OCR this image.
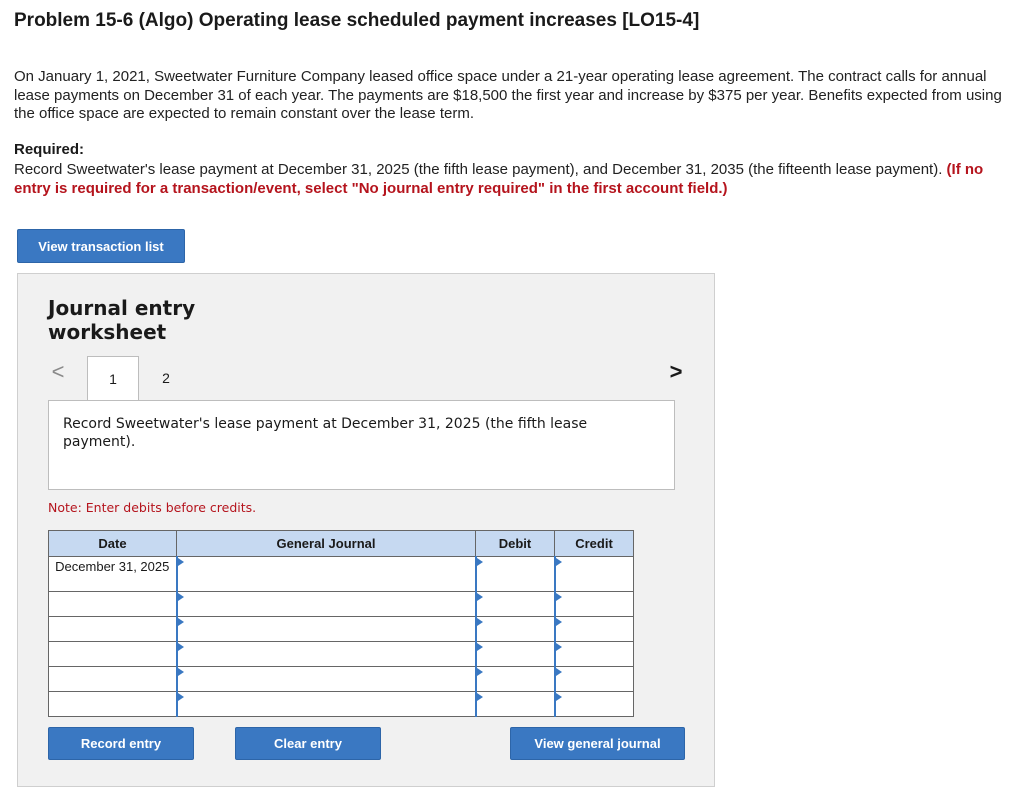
Problem 15-6 (Algo) Operating lease scheduled payment increases [LO15-4]
On January 1, 2021, Sweetwater Furniture Company leased office space under a 21-year operating lease agreement. The contract calls for annual lease payments on December 31 of each year. The payments are $18,500 the first year and increase by $375 per year. Benefits expected from using the office space are expected to remain constant over the lease term.
Required:
Record Sweetwater's lease payment at December 31, 2025 (the fifth lease payment), and December 31, 2035 (the fifteenth lease payment). (If no entry is required for a transaction/event, select "No journal entry required" in the first account field.)
View transaction list
Journal entry worksheet
<	1	2	>
Record Sweetwater's lease payment at December 31, 2025 (the fifth lease payment).
Note: Enter debits before credits.
Date	General Journal	Debit	Credit
December 31, 2025	

Record entry	Clear entry	View general journal
